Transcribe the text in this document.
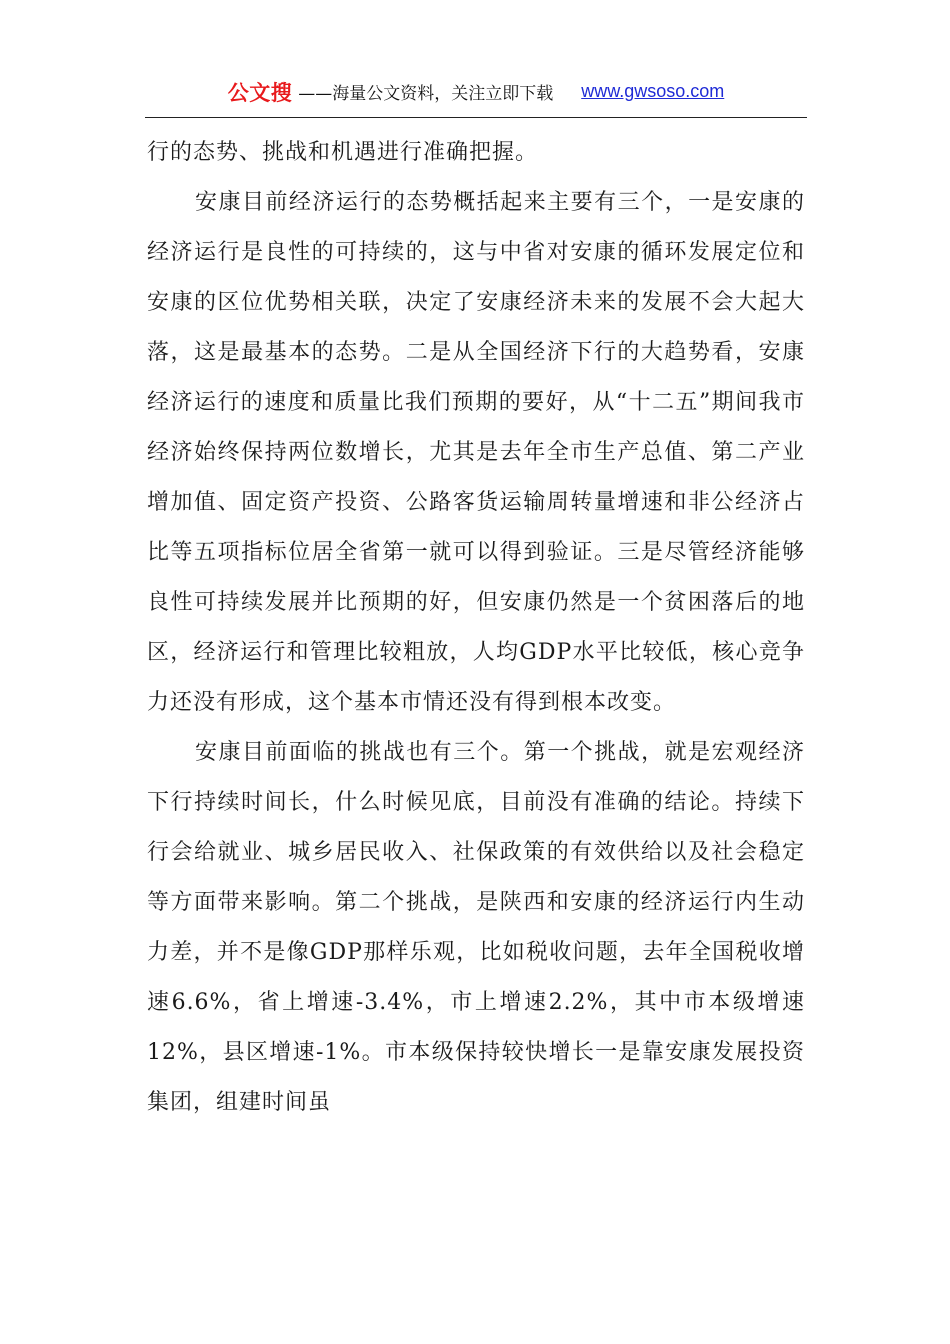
公文搜 ——海量公文资料，关注立即下载 www.gwsoso.com

行的态势、挑战和机遇进行准确把握。

安康目前经济运行的态势概括起来主要有三个，一是安康的经济运行是良性的可持续的，这与中省对安康的循环发展定位和安康的区位优势相关联，决定了安康经济未来的发展不会大起大落，这是最基本的态势。二是从全国经济下行的大趋势看，安康经济运行的速度和质量比我们预期的要好，从“十二五”期间我市经济始终保持两位数增长，尤其是去年全市生产总值、第二产业增加值、固定资产投资、公路客货运输周转量增速和非公经济占比等五项指标位居全省第一就可以得到验证。三是尽管经济能够良性可持续发展并比预期的好，但安康仍然是一个贫困落后的地区，经济运行和管理比较粗放，人均GDP水平比较低，核心竞争力还没有形成，这个基本市情还没有得到根本改变。

安康目前面临的挑战也有三个。第一个挑战，就是宏观经济下行持续时间长，什么时候见底，目前没有准确的结论。持续下行会给就业、城乡居民收入、社保政策的有效供给以及社会稳定等方面带来影响。第二个挑战，是陕西和安康的经济运行内生动力差，并不是像GDP那样乐观，比如税收问题，去年全国税收增速6.6%，省上增速-3.4%，市上增速2.2%，其中市本级增速12%，县区增速-1%。市本级保持较快增长一是靠安康发展投资集团，组建时间虽
